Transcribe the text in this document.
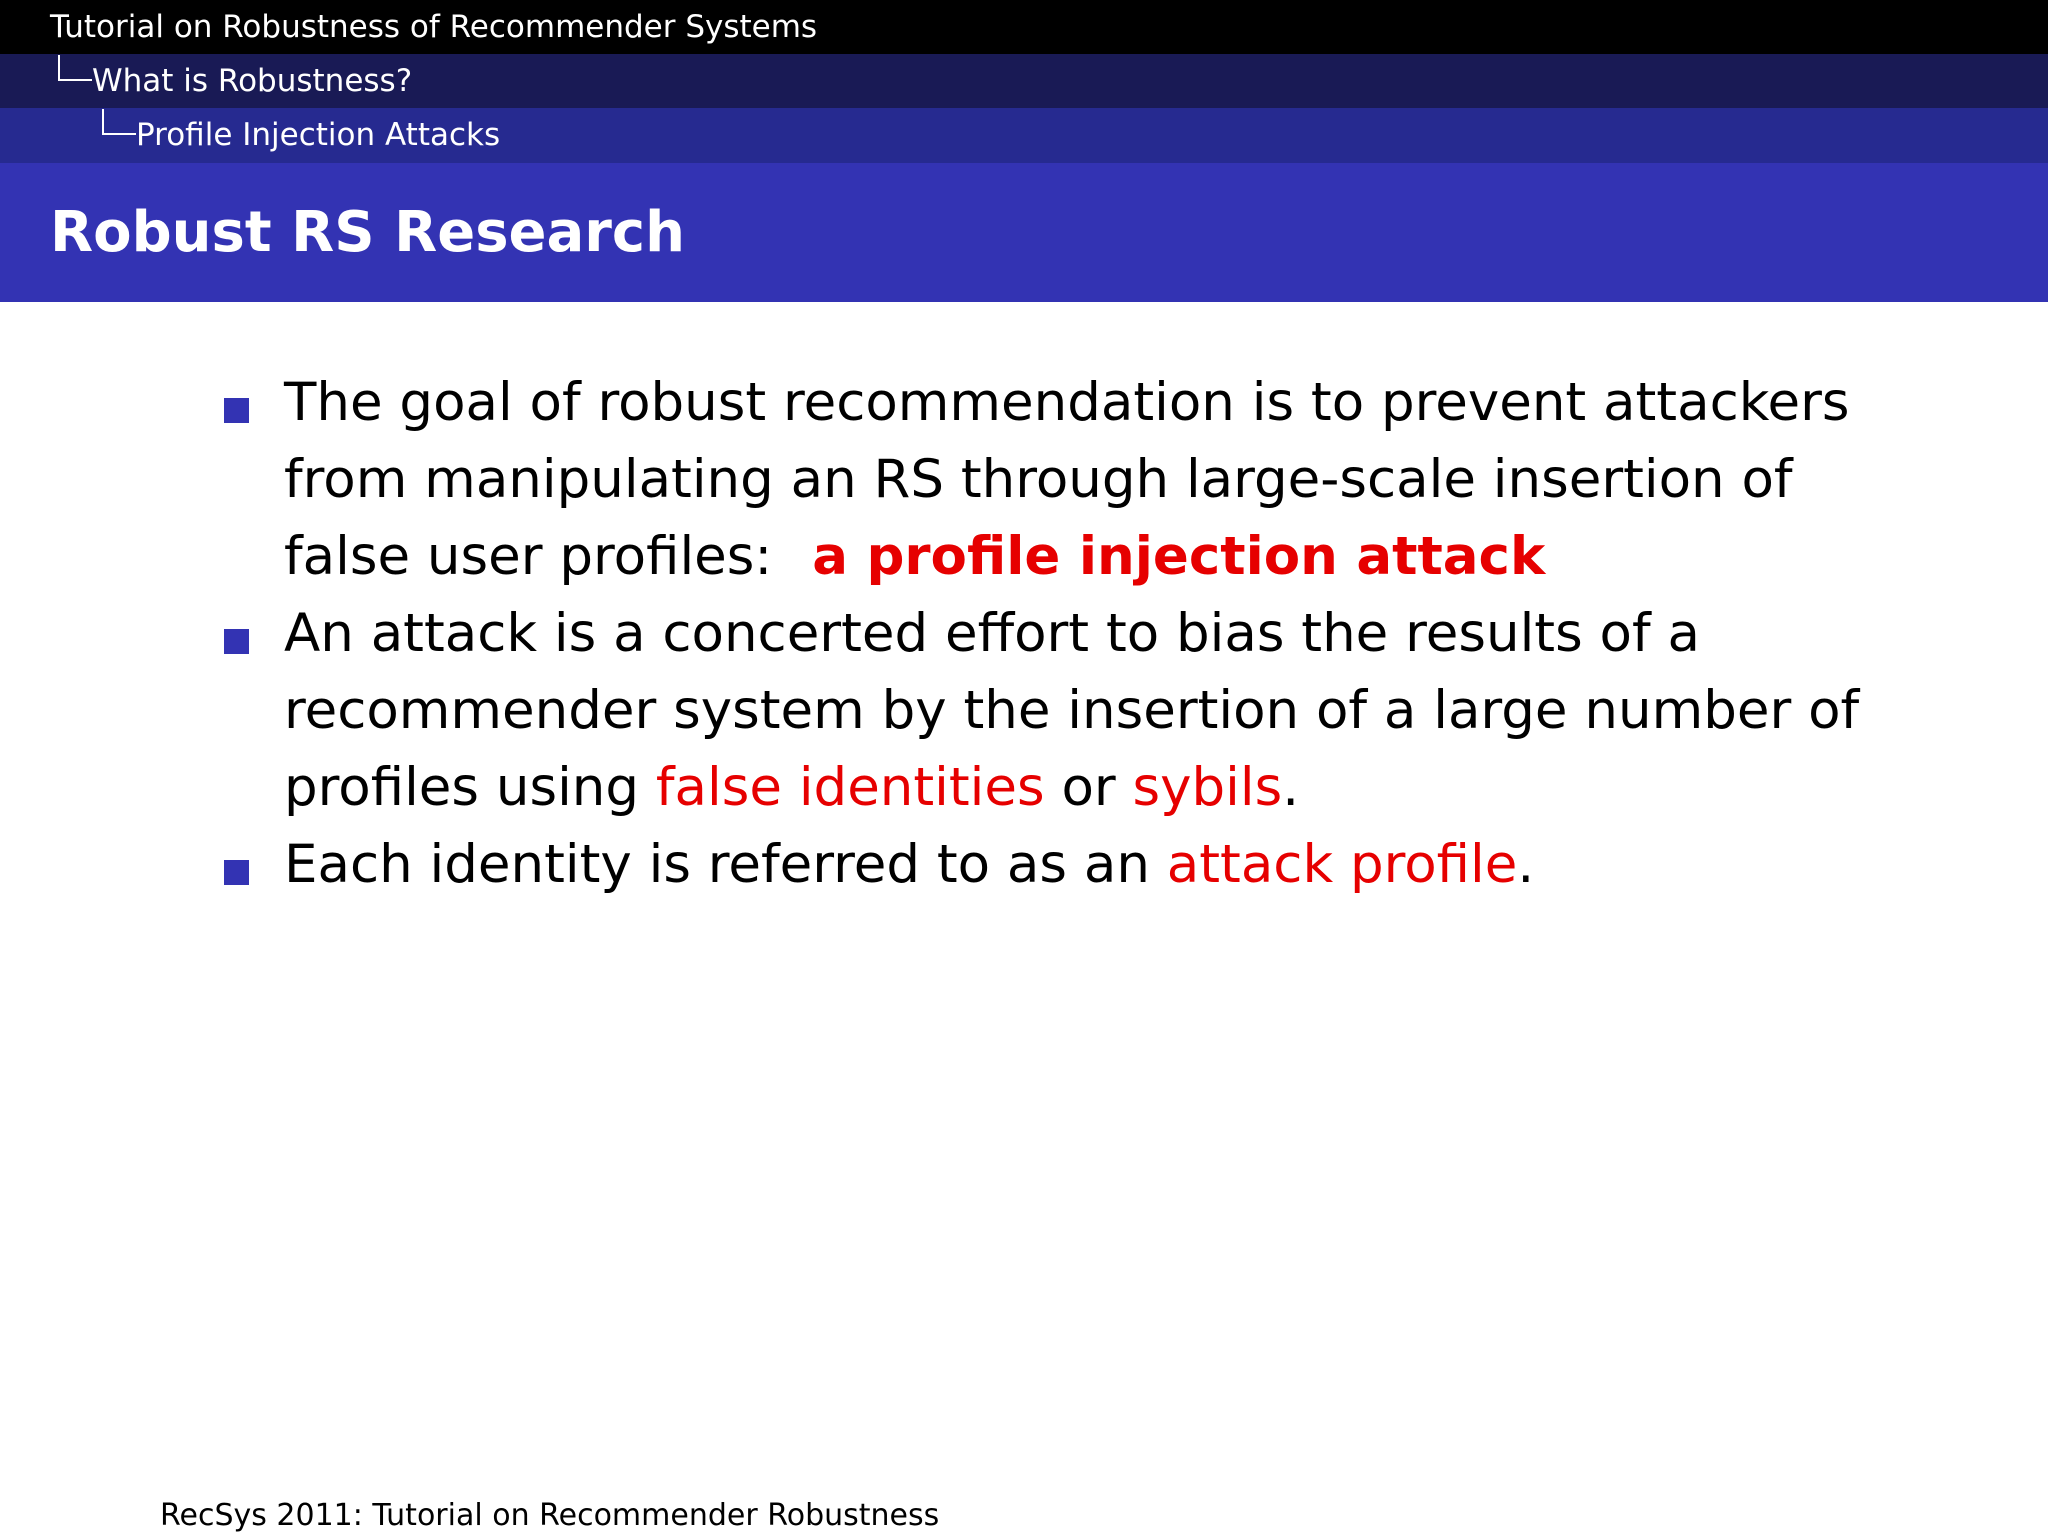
Tutorial on Robustness of Recommender Systems
What is Robustness?
Profile Injection Attacks
Robust RS Research
The goal of robust recommendation is to prevent attackers from manipulating an RS through large-scale insertion of false user profiles: a profile injection attack
An attack is a concerted effort to bias the results of a recommender system by the insertion of a large number of profiles using false identities or sybils.
Each identity is referred to as an attack profile.
RecSys 2011: Tutorial on Recommender Robustness
